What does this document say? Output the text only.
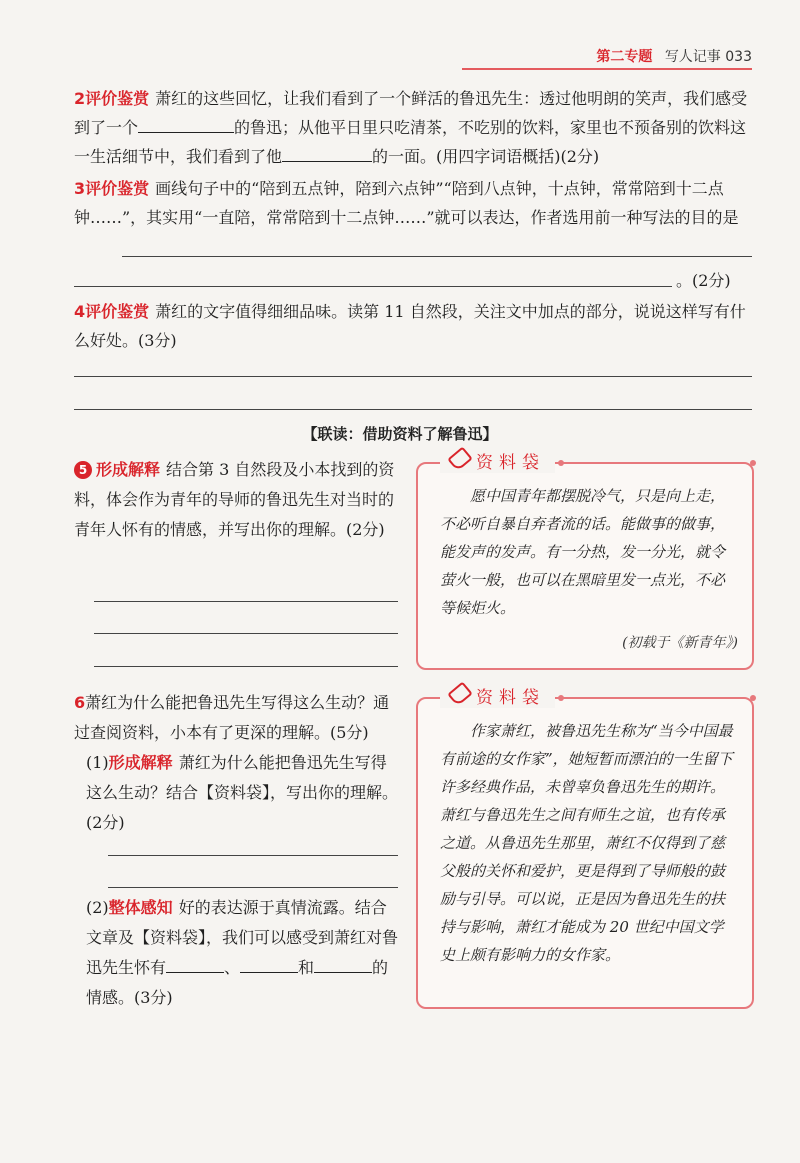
第二专题 写人记事 033
2评价鉴赏 萧红的这些回忆，让我们看到了一个鲜活的鲁迅先生：透过他明朗的笑声，我们感受到了一个	的鲁迅；从他平日里只吃清茶，不吃别的饮料，家里也不预备别的饮料这一生活细节中，我们看到了他	的一面。(用四字词语概括)(2分)
3评价鉴赏 画线句子中的“陪到五点钟，陪到六点钟”“陪到八点钟，十点钟，常常陪到十二点钟……”，其实用“一直陪，常常陪到十二点钟……”就可以表达，作者选用前一种写法的目的是
。(2分)
4评价鉴赏 萧红的文字值得细细品味。读第 11 自然段，关注文中加点的部分，说说这样写有什么好处。(3分)
【联读：借助资料了解鲁迅】
5 形成解释 结合第 3 自然段及小本找到的资料，体会作为青年的导师的鲁迅先生对当时的青年人怀有的情感，并写出你的理解。(2分)
资料袋
愿中国青年都摆脱冷气，只是向上走，不必听自暴自弃者流的话。能做事的做事，能发声的发声。有一分热，发一分光，就令萤火一般，也可以在黑暗里发一点光，不必等候炬火。
(初载于《新青年》)
6萧红为什么能把鲁迅先生写得这么生动？通过查阅资料，小本有了更深的理解。(5分)
(1)形成解释 萧红为什么能把鲁迅先生写得这么生动？结合【资料袋】，写出你的理解。(2分)
(2)整体感知 好的表达源于真情流露。结合文章及【资料袋】，我们可以感受到萧红对鲁迅先生怀有	、	和	的情感。(3分)
资料袋
作家萧红，被鲁迅先生称为“当今中国最有前途的女作家”，她短暂而漂泊的一生留下许多经典作品，未曾辜负鲁迅先生的期许。萧红与鲁迅先生之间有师生之谊，也有传承之道。从鲁迅先生那里，萧红不仅得到了慈父般的关怀和爱护，更是得到了导师般的鼓励与引导。可以说，正是因为鲁迅先生的扶持与影响，萧红才能成为 20 世纪中国文学史上颇有影响力的女作家。
